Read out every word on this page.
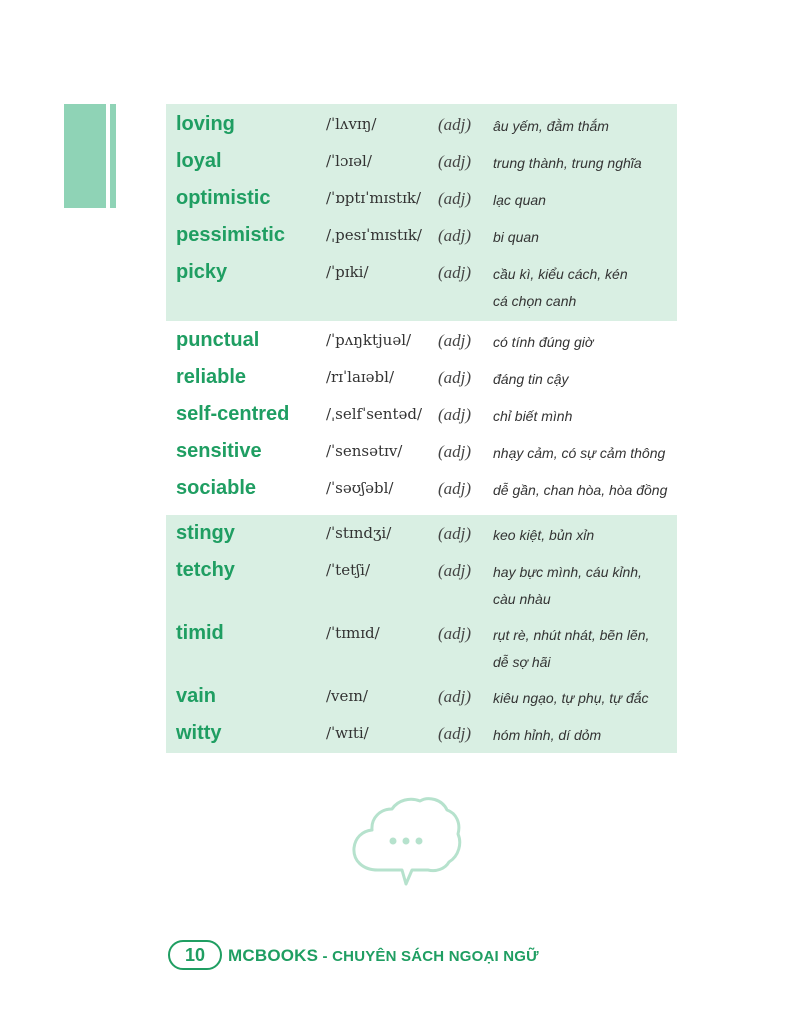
loving	/ˈlʌvɪŋ/	(adj) âu yếm, đằm thắm
loyal	/ˈlɔɪəl/	(adj) trung thành, trung nghĩa
optimistic	/ˈɒptɪˈmɪstɪk/ (adj) lạc quan
pessimistic	/ˌpesɪˈmɪstɪk/ (adj) bi quan
picky	/ˈpɪki/	(adj) cầu kì, kiểu cách, kén cá chọn canh
punctual	/ˈpʌŋktjuəl/ (adj) có tính đúng giờ
reliable	/rɪˈlaɪəbl/	(adj) đáng tin cậy
self-centred /ˌselfˈsentəd/ (adj) chỉ biết mình
sensitive	/ˈsensətɪv/ (adj) nhạy cảm, có sự cảm thông
sociable	/ˈsəʊʃəbl/	(adj) dễ gần, chan hòa, hòa đồng
stingy	/ˈstɪndʒi/	(adj) keo kiệt, bủn xỉn
tetchy	/ˈtetʃi/	(adj) hay bực mình, cáu kỉnh, càu nhàu
timid	/ˈtɪmɪd/	(adj) rụt rè, nhút nhát, bẽn lẽn, dễ sợ hãi
vain	/veɪn/	(adj) kiêu ngạo, tự phụ, tự đắc
witty	/ˈwɪti/	(adj) hóm hỉnh, dí dỏm
10	MCBOOKS - CHUYÊN SÁCH NGOẠI NGỮ
